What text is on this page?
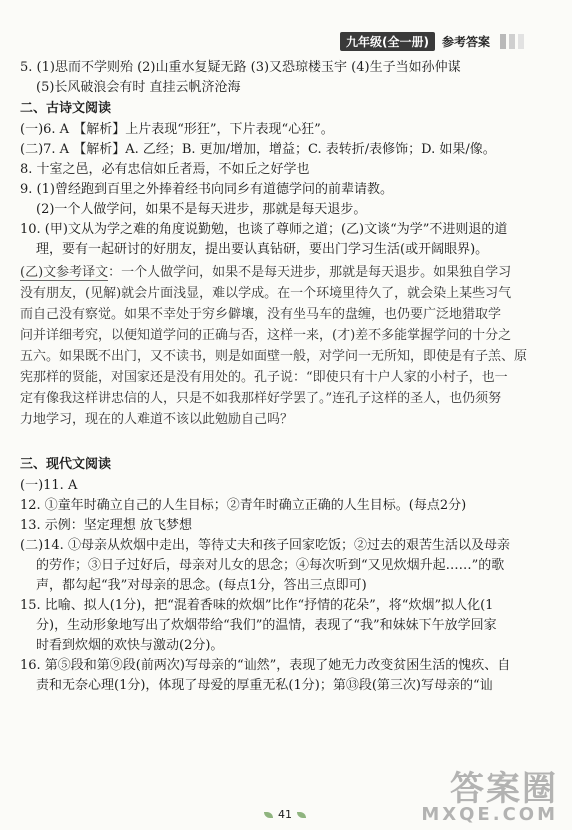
九年级(全一册)	参考答案
5. (1)思而不学则殆 (2)山重水复疑无路 (3)又恐琼楼玉宇 (4)生子当如孙仲谋
(5)长风破浪会有时 直挂云帆济沧海
二、古诗文阅读
(一)6. A 【解析】上片表现“形狂”，下片表现“心狂”。
(二)7. A 【解析】A. 乙经；B. 更加/增加，增益；C. 表转折/表修饰；D. 如果/像。
8. 十室之邑，必有忠信如丘者焉，不如丘之好学也
9. (1)曾经跑到百里之外捧着经书向同乡有道德学问的前辈请教。
(2)一个人做学问，如果不是每天进步，那就是每天退步。
10. (甲)文从为学之难的角度说勤勉，也谈了尊师之道；(乙)文谈“为学”不进则退的道
理，要有一起研讨的好朋友，提出要认真钻研，要出门学习生活(或开阔眼界)。
(乙)文参考译文：一个人做学问，如果不是每天进步，那就是每天退步。如果独自学习
没有朋友，(见解)就会片面浅显，难以学成。在一个环境里待久了，就会染上某些习气
而自己没有察觉。如果不幸处于穷乡僻壤，没有坐马车的盘缠，也仍要广泛地猎取学
问并详细考究，以便知道学问的正确与否，这样一来，(才)差不多能掌握学问的十分之
五六。如果既不出门，又不读书，则是如面壁一般，对学问一无所知，即使是有子羔、原
宪那样的贤能，对国家还是没有用处的。孔子说：“即使只有十户人家的小村子，也一
定有像我这样讲忠信的人，只是不如我那样好学罢了。”连孔子这样的圣人，也仍须努
力地学习，现在的人难道不该以此勉励自己吗？
三、现代文阅读
(一)11. A
12. ①童年时确立自己的人生目标；②青年时确立正确的人生目标。(每点2分)
13. 示例：坚定理想 放飞梦想
(二)14. ①母亲从炊烟中走出，等待丈夫和孩子回家吃饭；②过去的艰苦生活以及母亲
的劳作；③日子过好后，母亲对儿女的思念；④每次听到“又见炊烟升起……”的歌
声，都勾起“我”对母亲的思念。(每点1分，答出三点即可)
15. 比喻、拟人(1分)，把“混着香味的炊烟”比作“抒情的花朵”，将“炊烟”拟人化(1
分)，生动形象地写出了炊烟带给“我们”的温情，表现了“我”和妹妹下午放学回家
时看到炊烟的欢快与激动(2分)。
16. 第⑤段和第⑨段(前两次)写母亲的“讪然”，表现了她无力改变贫困生活的愧疚、自
责和无奈心理(1分)，体现了母爱的厚重无私(1分)；第⑬段(第三次)写母亲的“讪
41
答案圈
MXQE.COM
